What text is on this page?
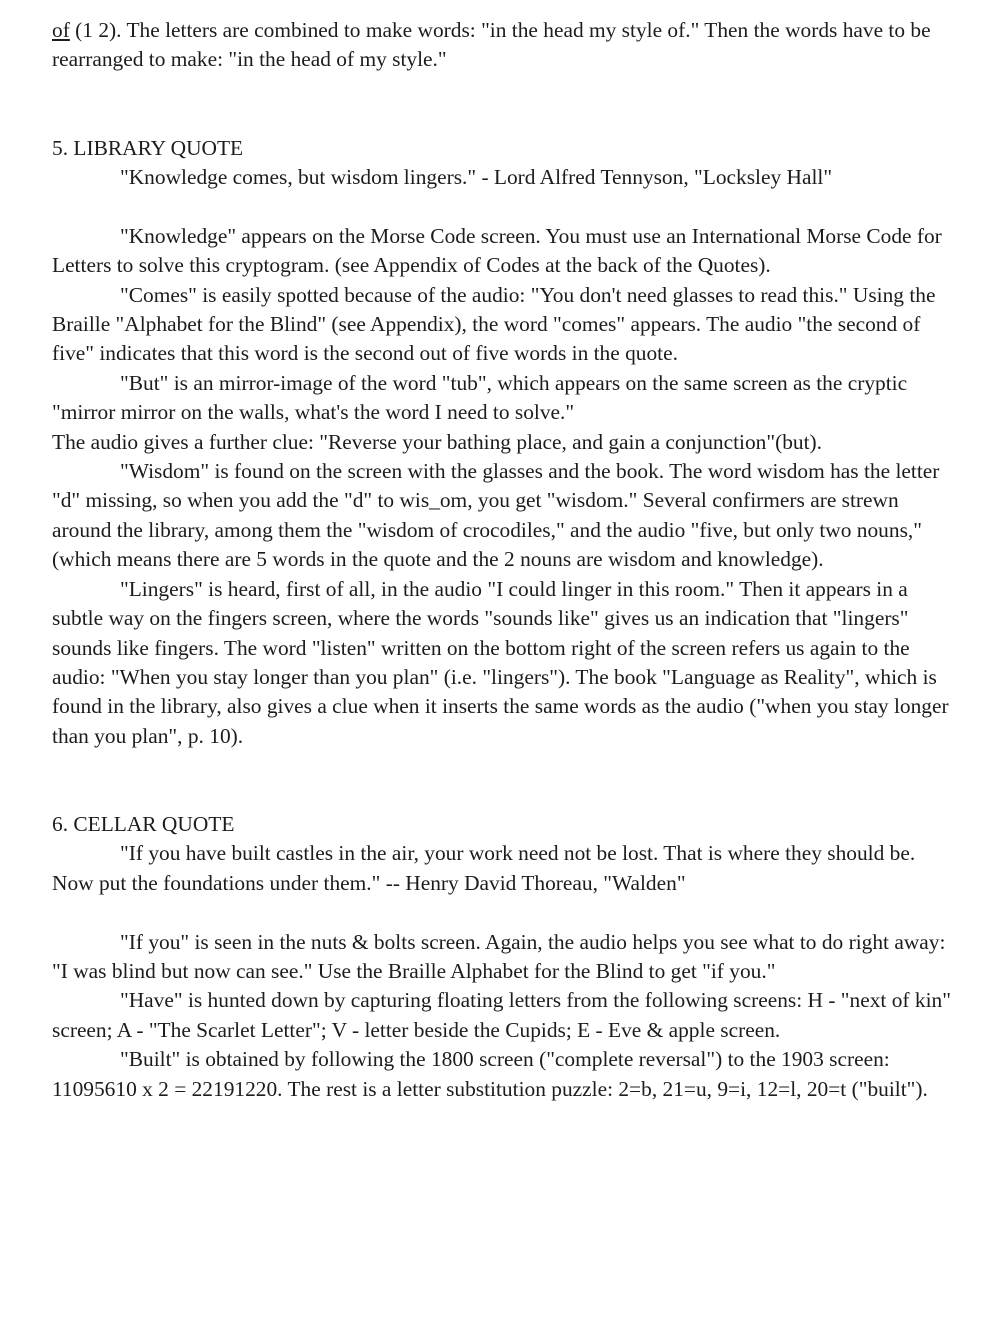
of (1 2). The letters are combined to make words: "in the head my style of." Then the words have to be rearranged to make: "in the head of my style."

5. LIBRARY QUOTE

"Knowledge comes, but wisdom lingers." - Lord Alfred Tennyson, "Locksley Hall"

"Knowledge" appears on the Morse Code screen. You must use an International Morse Code for Letters to solve this cryptogram. (see Appendix of Codes at the back of the Quotes).

"Comes" is easily spotted because of the audio: "You don't need glasses to read this." Using the Braille "Alphabet for the Blind" (see Appendix), the word "comes" appears. The audio "the second of five" indicates that this word is the second out of five words in the quote.

"But" is an mirror-image of the word "tub", which appears on the same screen as the cryptic "mirror mirror on the walls, what's the word I need to solve."

The audio gives a further clue: "Reverse your bathing place, and gain a conjunction"(but).

"Wisdom" is found on the screen with the glasses and the book. The word wisdom has the letter "d" missing, so when you add the "d" to wis_om, you get "wisdom." Several confirmers are strewn around the library, among them the "wisdom of crocodiles," and the audio "five, but only two nouns," (which means there are 5 words in the quote and the 2 nouns are wisdom and knowledge).

"Lingers" is heard, first of all, in the audio "I could linger in this room." Then it appears in a subtle way on the fingers screen, where the words "sounds like" gives us an indication that "lingers" sounds like fingers. The word "listen" written on the bottom right of the screen refers us again to the audio: "When you stay longer than you plan" (i.e. "lingers"). The book "Language as Reality", which is found in the library, also gives a clue when it inserts the same words as the audio ("when you stay longer than you plan", p. 10).

6. CELLAR QUOTE

"If you have built castles in the air, your work need not be lost. That is where they should be. Now put the foundations under them." -- Henry David Thoreau, "Walden"

"If you" is seen in the nuts & bolts screen. Again, the audio helps you see what to do right away: "I was blind but now can see." Use the Braille Alphabet for the Blind to get "if you."

"Have" is hunted down by capturing floating letters from the following screens: H - "next of kin" screen; A - "The Scarlet Letter"; V - letter beside the Cupids; E - Eve & apple screen.

"Built" is obtained by following the 1800 screen ("complete reversal") to the 1903 screen: 11095610 x 2 = 22191220. The rest is a letter substitution puzzle: 2=b, 21=u, 9=i, 12=l, 20=t ("built").
